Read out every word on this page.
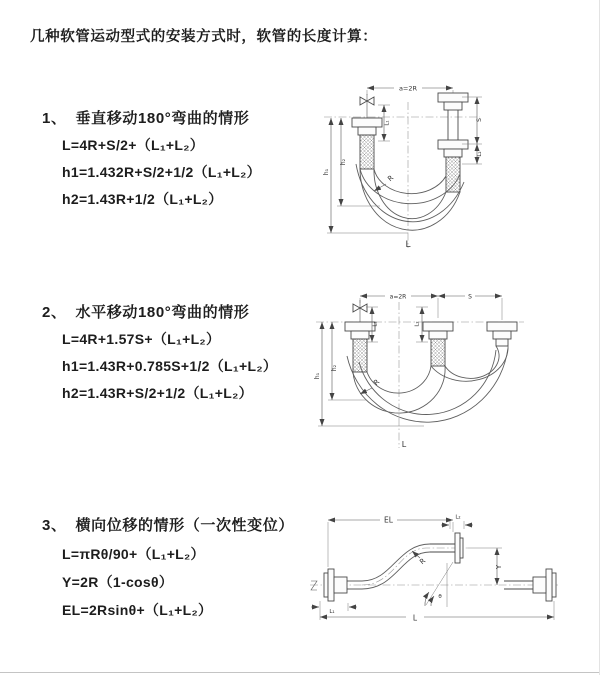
几种软管运动型式的安装方式时，软管的长度计算：
1、 垂直移动180°弯曲的情形
L=4R+S/2+（L₁+L₂）
h1=1.432R+S/2+1/2（L₁+L₂）
h2=1.43R+1/2（L₁+L₂）
a=2R
L₁
S
L₂
h₁
h₂
R
L
2、 水平移动180°弯曲的情形
L=4R+1.57S+（L₁+L₂）
h1=1.43R+0.785S+1/2（L₁+L₂）
h2=1.43R+S/2+1/2（L₁+L₂）
a=2R	S
L₁	L₂
h₁
h₂
R
L
3、 横向位移的情形（一次性变位）
L=πRθ/90+（L₁+L₂）
Y=2R（1-cosθ）
EL=2Rsinθ+（L₁+L₂）
EL	L₂
θ
R
Y
L₁
L
